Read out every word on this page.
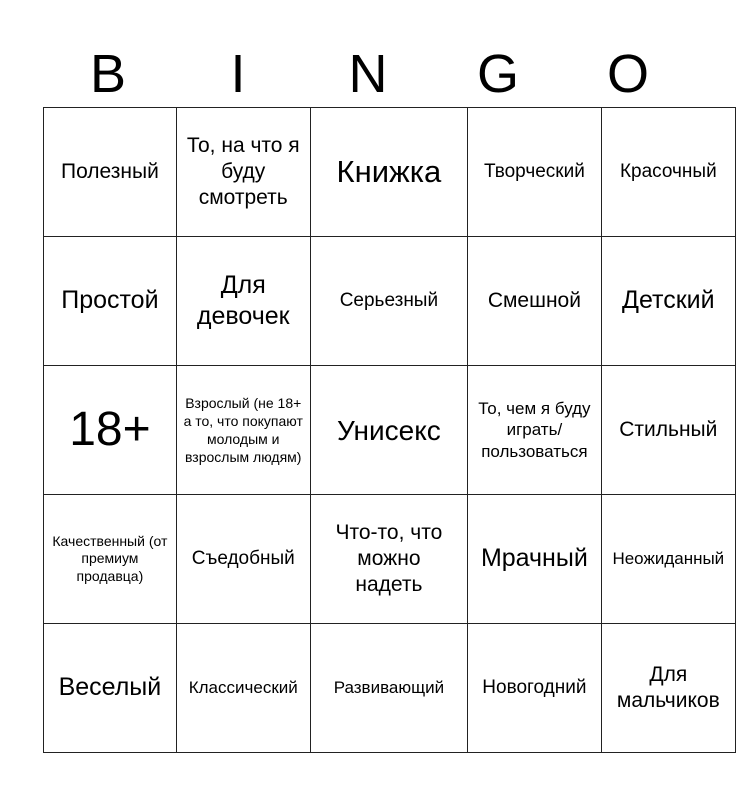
B	I	N	G	O
Полезный	То, на что я буду смотреть	Книжка	Творческий	Красочный
Простой	Для девочек	Серьезный	Смешной	Детский
18+	Взрослый (не 18+ а то, что покупают молодым и взрослым людям)	Унисекс	То, чем я буду играть/ пользоваться	Стильный
Качественный (от премиум продавца)	Съедобный	Что-то, что можно надеть	Мрачный	Неожиданный
Веселый	Классический	Развивающий	Новогодний	Для мальчиков
